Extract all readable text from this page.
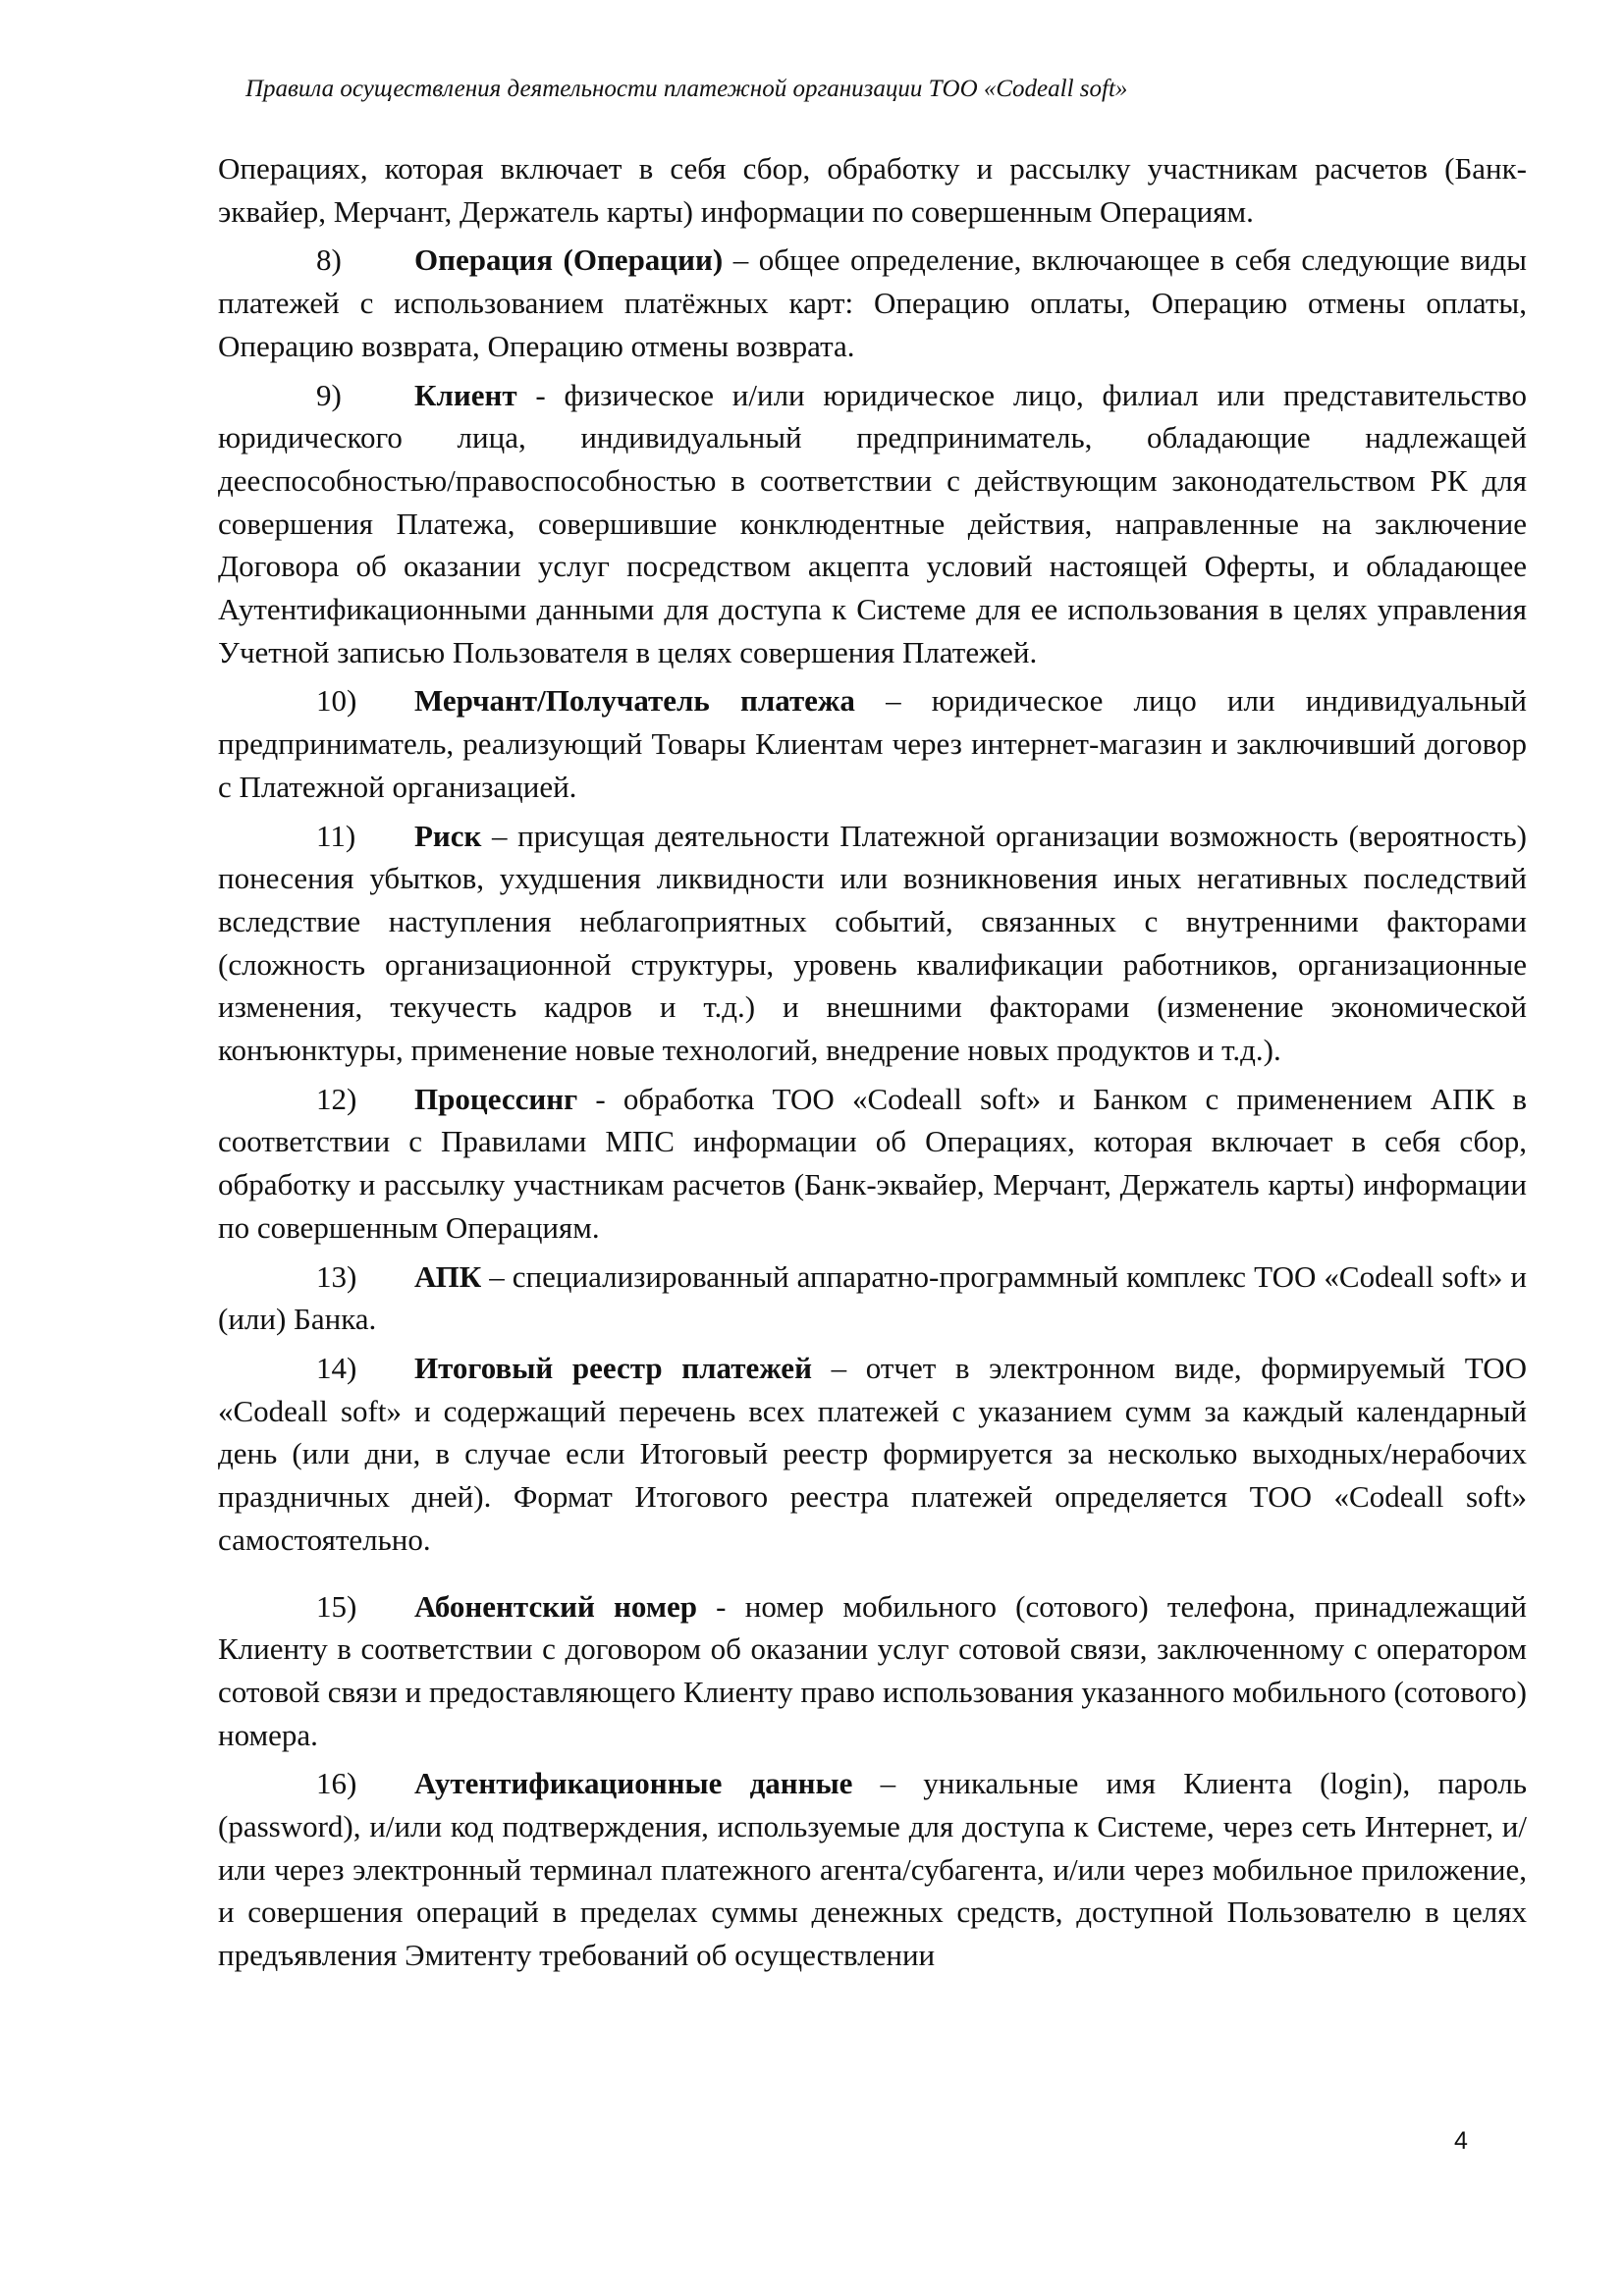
Правила осуществления деятельности платежной организации ТОО «Codeall soft»

Операциях, которая включает в себя сбор, обработку и рассылку участникам расчетов (Банк-эквайер, Мерчант, Держатель карты) информации по совершенным Операциям.

8) Операция (Операции) – общее определение, включающее в себя следующие виды платежей с использованием платёжных карт: Операцию оплаты, Операцию отмены оплаты, Операцию возврата, Операцию отмены возврата.

9) Клиент - физическое и/или юридическое лицо, филиал или представительство юридического лица, индивидуальный предприниматель, обладающие надлежащей дееспособностью/правоспособностью в соответствии с действующим законодательством РК для совершения Платежа, совершившие конклюдентные действия, направленные на заключение Договора об оказании услуг посредством акцепта условий настоящей Оферты, и обладающее Аутентификационными данными для доступа к Системе для ее использования в целях управления Учетной записью Пользователя в целях совершения Платежей.

10) Мерчант/Получатель платежа – юридическое лицо или индивидуальный предприниматель, реализующий Товары Клиентам через интернет-магазин и заключивший договор с Платежной организацией.

11) Риск – присущая деятельности Платежной организации возможность (вероятность) понесения убытков, ухудшения ликвидности или возникновения иных негативных последствий вследствие наступления неблагоприятных событий, связанных с внутренними факторами (сложность организационной структуры, уровень квалификации работников, организационные изменения, текучесть кадров и т.д.) и внешними факторами (изменение экономической конъюнктуры, применение новые технологий, внедрение новых продуктов и т.д.).

12) Процессинг - обработка ТОО «Codeall soft» и Банком с применением АПК в соответствии с Правилами МПС информации об Операциях, которая включает в себя сбор, обработку и рассылку участникам расчетов (Банк-эквайер, Мерчант, Держатель карты) информации по совершенным Операциям.

13) АПК – специализированный аппаратно-программный комплекс ТОО «Codeall soft» и (или) Банка.

14) Итоговый реестр платежей – отчет в электронном виде, формируемый ТОО «Codeall soft» и содержащий перечень всех платежей с указанием сумм за каждый календарный день (или дни, в случае если Итоговый реестр формируется за несколько выходных/нерабочих праздничных дней). Формат Итогового реестра платежей определяется ТОО «Codeall soft» самостоятельно.

15) Абонентский номер - номер мобильного (сотового) телефона, принадлежащий Клиенту в соответствии с договором об оказании услуг сотовой связи, заключенному с оператором сотовой связи и предоставляющего Клиенту право использования указанного мобильного (сотового) номера.

16) Аутентификационные данные – уникальные имя Клиента (login), пароль (password), и/или код подтверждения, используемые для доступа к Системе, через сеть Интернет, и/или через электронный терминал платежного агента/субагента, и/или через мобильное приложение, и совершения операций в пределах суммы денежных средств, доступной Пользователю в целях предъявления Эмитенту требований об осуществлении

4
